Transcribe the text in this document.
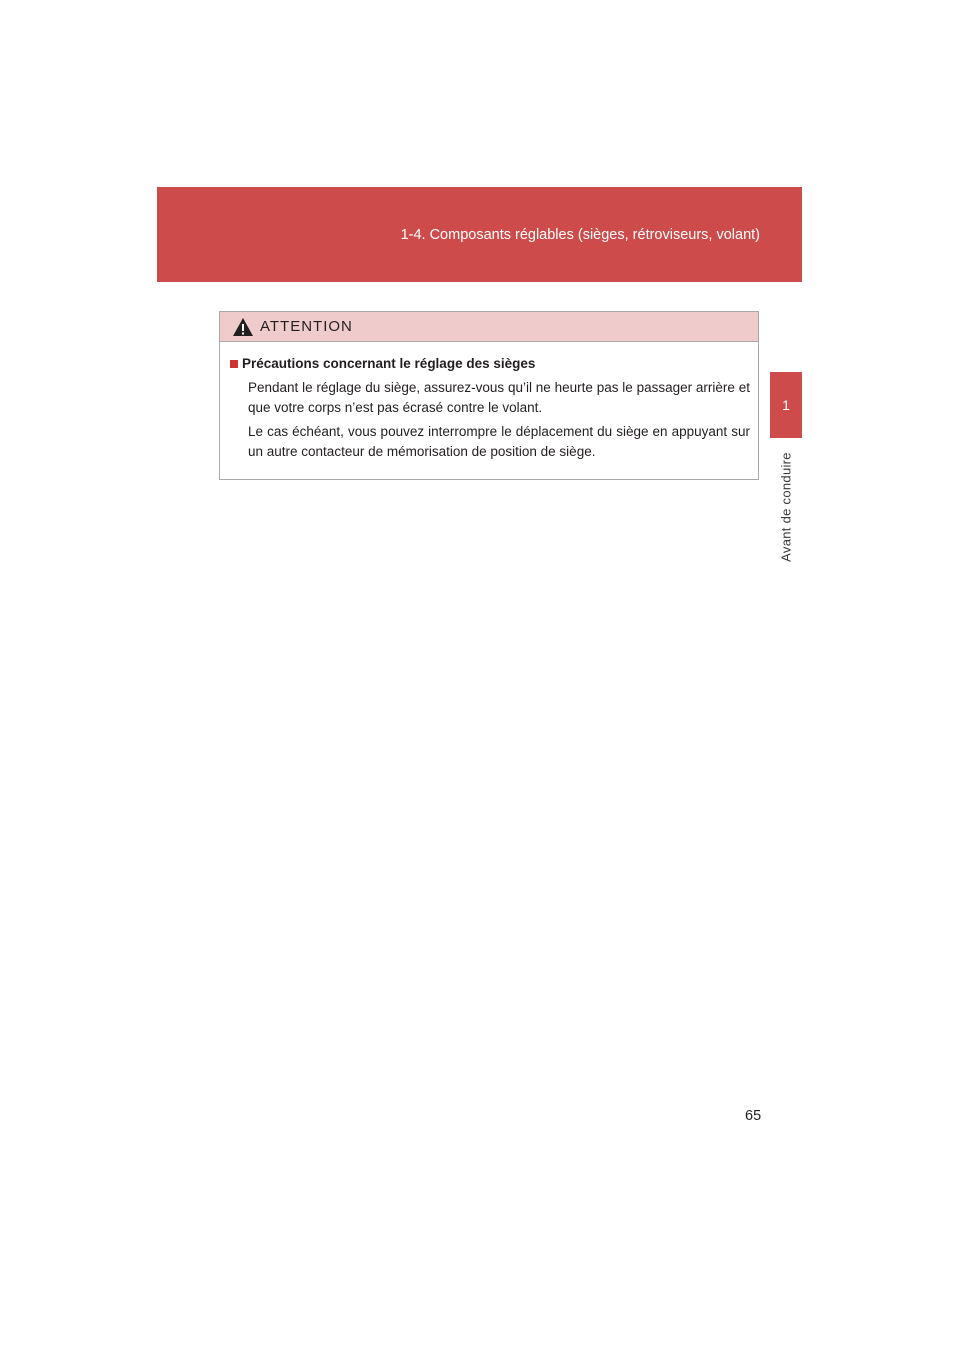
1-4. Composants réglables (sièges, rétroviseurs, volant)
1
Avant de conduire
ATTENTION
Précautions concernant le réglage des sièges

Pendant le réglage du siège, assurez-vous qu’il ne heurte pas le passager arrière et que votre corps n’est pas écrasé contre le volant.

Le cas échéant, vous pouvez interrompre le déplacement du siège en appuyant sur un autre contacteur de mémorisation de position de siège.

65
